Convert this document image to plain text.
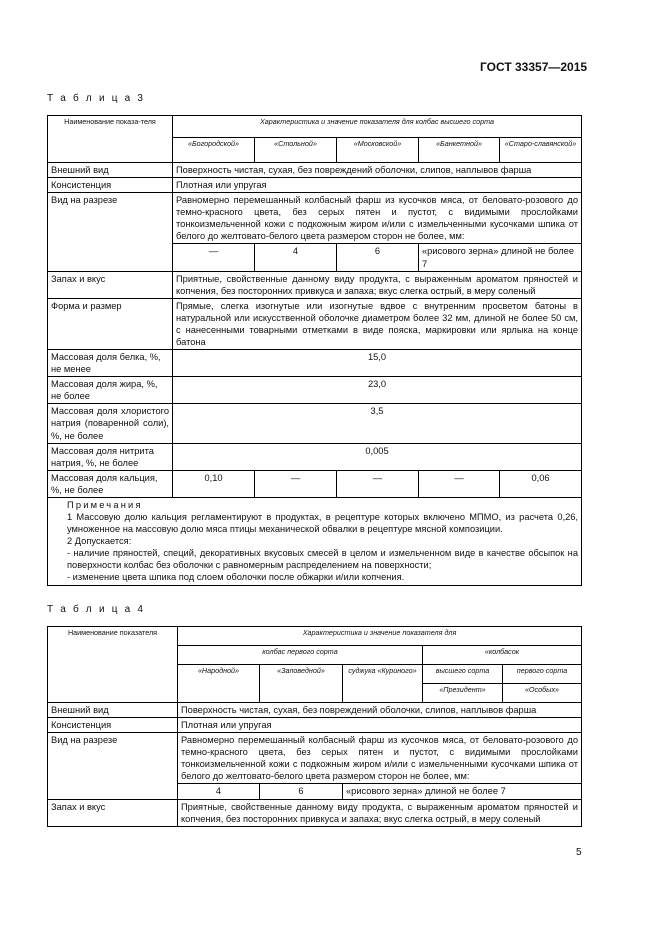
ГОСТ 33357—2015
Т а б л и ц а 3
Наименование показа-теля	Характеристика и значение показателя для колбас высшего сорта				
	«Богородской»	«Стольной»	«Московской»	«Банкетной»	«Старо-славянской»
Внешний вид	Поверхность чистая, сухая, без повреждений оболочки, слипов, наплывов фарша				
Консистенция	Плотная или упругая				
Вид на разрезе	Равномерно перемешанный колбасный фарш из кусочков мяса, от беловато-розового до темно-красного цвета, без серых пятен и пустот, с видимыми прослойками тонкоизмельченной кожи с подкожным жиром и/или с измельченными кусочками шпика от белого до желтовато-белого цвета размером сторон не более, мм:				
	—	4	6	«рисового зерна» длиной не более 7	
Запах и вкус	Приятные, свойственные данному виду продукта, с выраженным ароматом пряностей и копчения, без посторонних привкуса и запаха; вкус слегка острый, в меру соленый				
Форма и размер	Прямые, слегка изогнутые или изогнутые вдвое с внутренним просветом батоны в натуральной или искусственной оболочке диаметром более 32 мм, длиной не более 50 см, с нанесенными товарными отметками в виде пояска, маркировки или ярлыка на конце батона				
Массовая доля белка, %, не менее	15,0				
Массовая доля жира, %, не более	23,0				
Массовая доля хлористого натрия (поваренной соли), %, не более	3,5				
Массовая доля нитрита натрия, %, не более	0,005				
Массовая доля кальция, %, не более	0,10	—	—	—	0,06

Примечания

1 Массовую долю кальция регламентируют в продуктах, в рецептуре которых включено МПМО, из расчета 0,26, умноженное на массовую долю мяса птицы механической обвалки в рецептуре мясной композиции.

2 Допускается:

- наличие пряностей, специй, декоративных вкусовых смесей в целом и измельченном виде в качестве обсыпок на поверхности колбас без оболочки с равномерным распределением на поверхности;

- изменение цвета шпика под слоем оболочки после обжарки и/или копчения.					

Т а б л и ц а 4
Наименование показателя	Характеристика и значение показателя для				
	колбас первого сорта			«колбасок	
	«Народной»	«Заповедной»	суджука «Куриного»	высшего сорта	первого сорта
				«Президент»	«Особых»
Внешний вид	Поверхность чистая, сухая, без повреждений оболочки, слипов, наплывов фарша				
Консистенция	Плотная или упругая				
Вид на разрезе	Равномерно перемешанный колбасный фарш из кусочков мяса, от беловато-розового до темно-красного цвета, без серых пятен и пустот, с видимыми прослойками тонкоизмельченной кожи с подкожным жиром и/или с измельченными кусочками шпика от белого до желтовато-белого цвета размером сторон не более, мм:				
	4	6	«рисового зерна» длиной не более 7		
Запах и вкус	Приятные, свойственные данному виду продукта, с выраженным ароматом пряностей и копчения, без посторонних привкуса и запаха; вкус слегка острый, в меру соленый				
5
